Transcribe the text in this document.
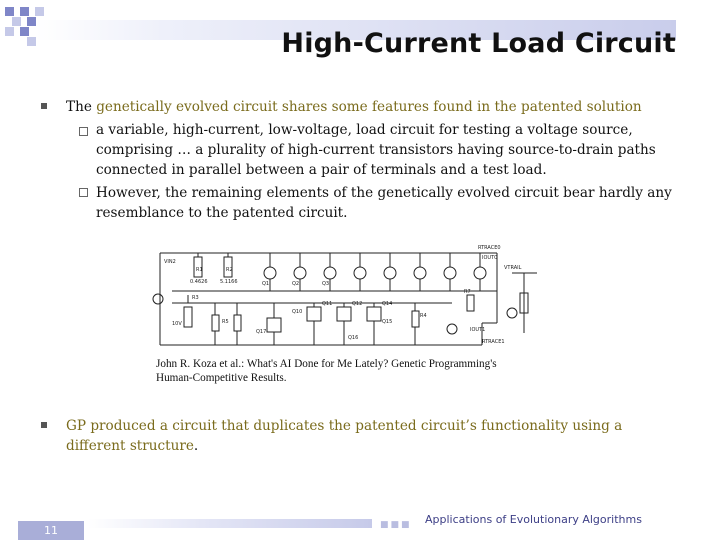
High-Current Load Circuit
The genetically evolved circuit shares some features found in the patented solution
a variable, high-current, low-voltage, load circuit for testing a voltage source, comprising … a plurality of high-current transistors having source-to-drain paths connected in parallel between a pair of terminals and a test load.
However, the remaining elements of the genetically evolved circuit bear hardly any resemblance to the patented circuit.
VIN2
R1
0.4626
R2
5.1166
R3
Q1	Q2	Q3
Q10
Q11	Q12	Q14
Q15
Q16
Q17
IOUT0
IOUT1
VTRAIL
RTRACE1
RTRACE0
R4
R5
R7
10V
John R. Koza et al.: What's AI Done for Me Lately? Genetic Programming's Human-Competitive Results.
GP produced a circuit that duplicates the patented circuit’s functionality using a different structure.
11	■■■ Applications of Evolutionary Algorithms
